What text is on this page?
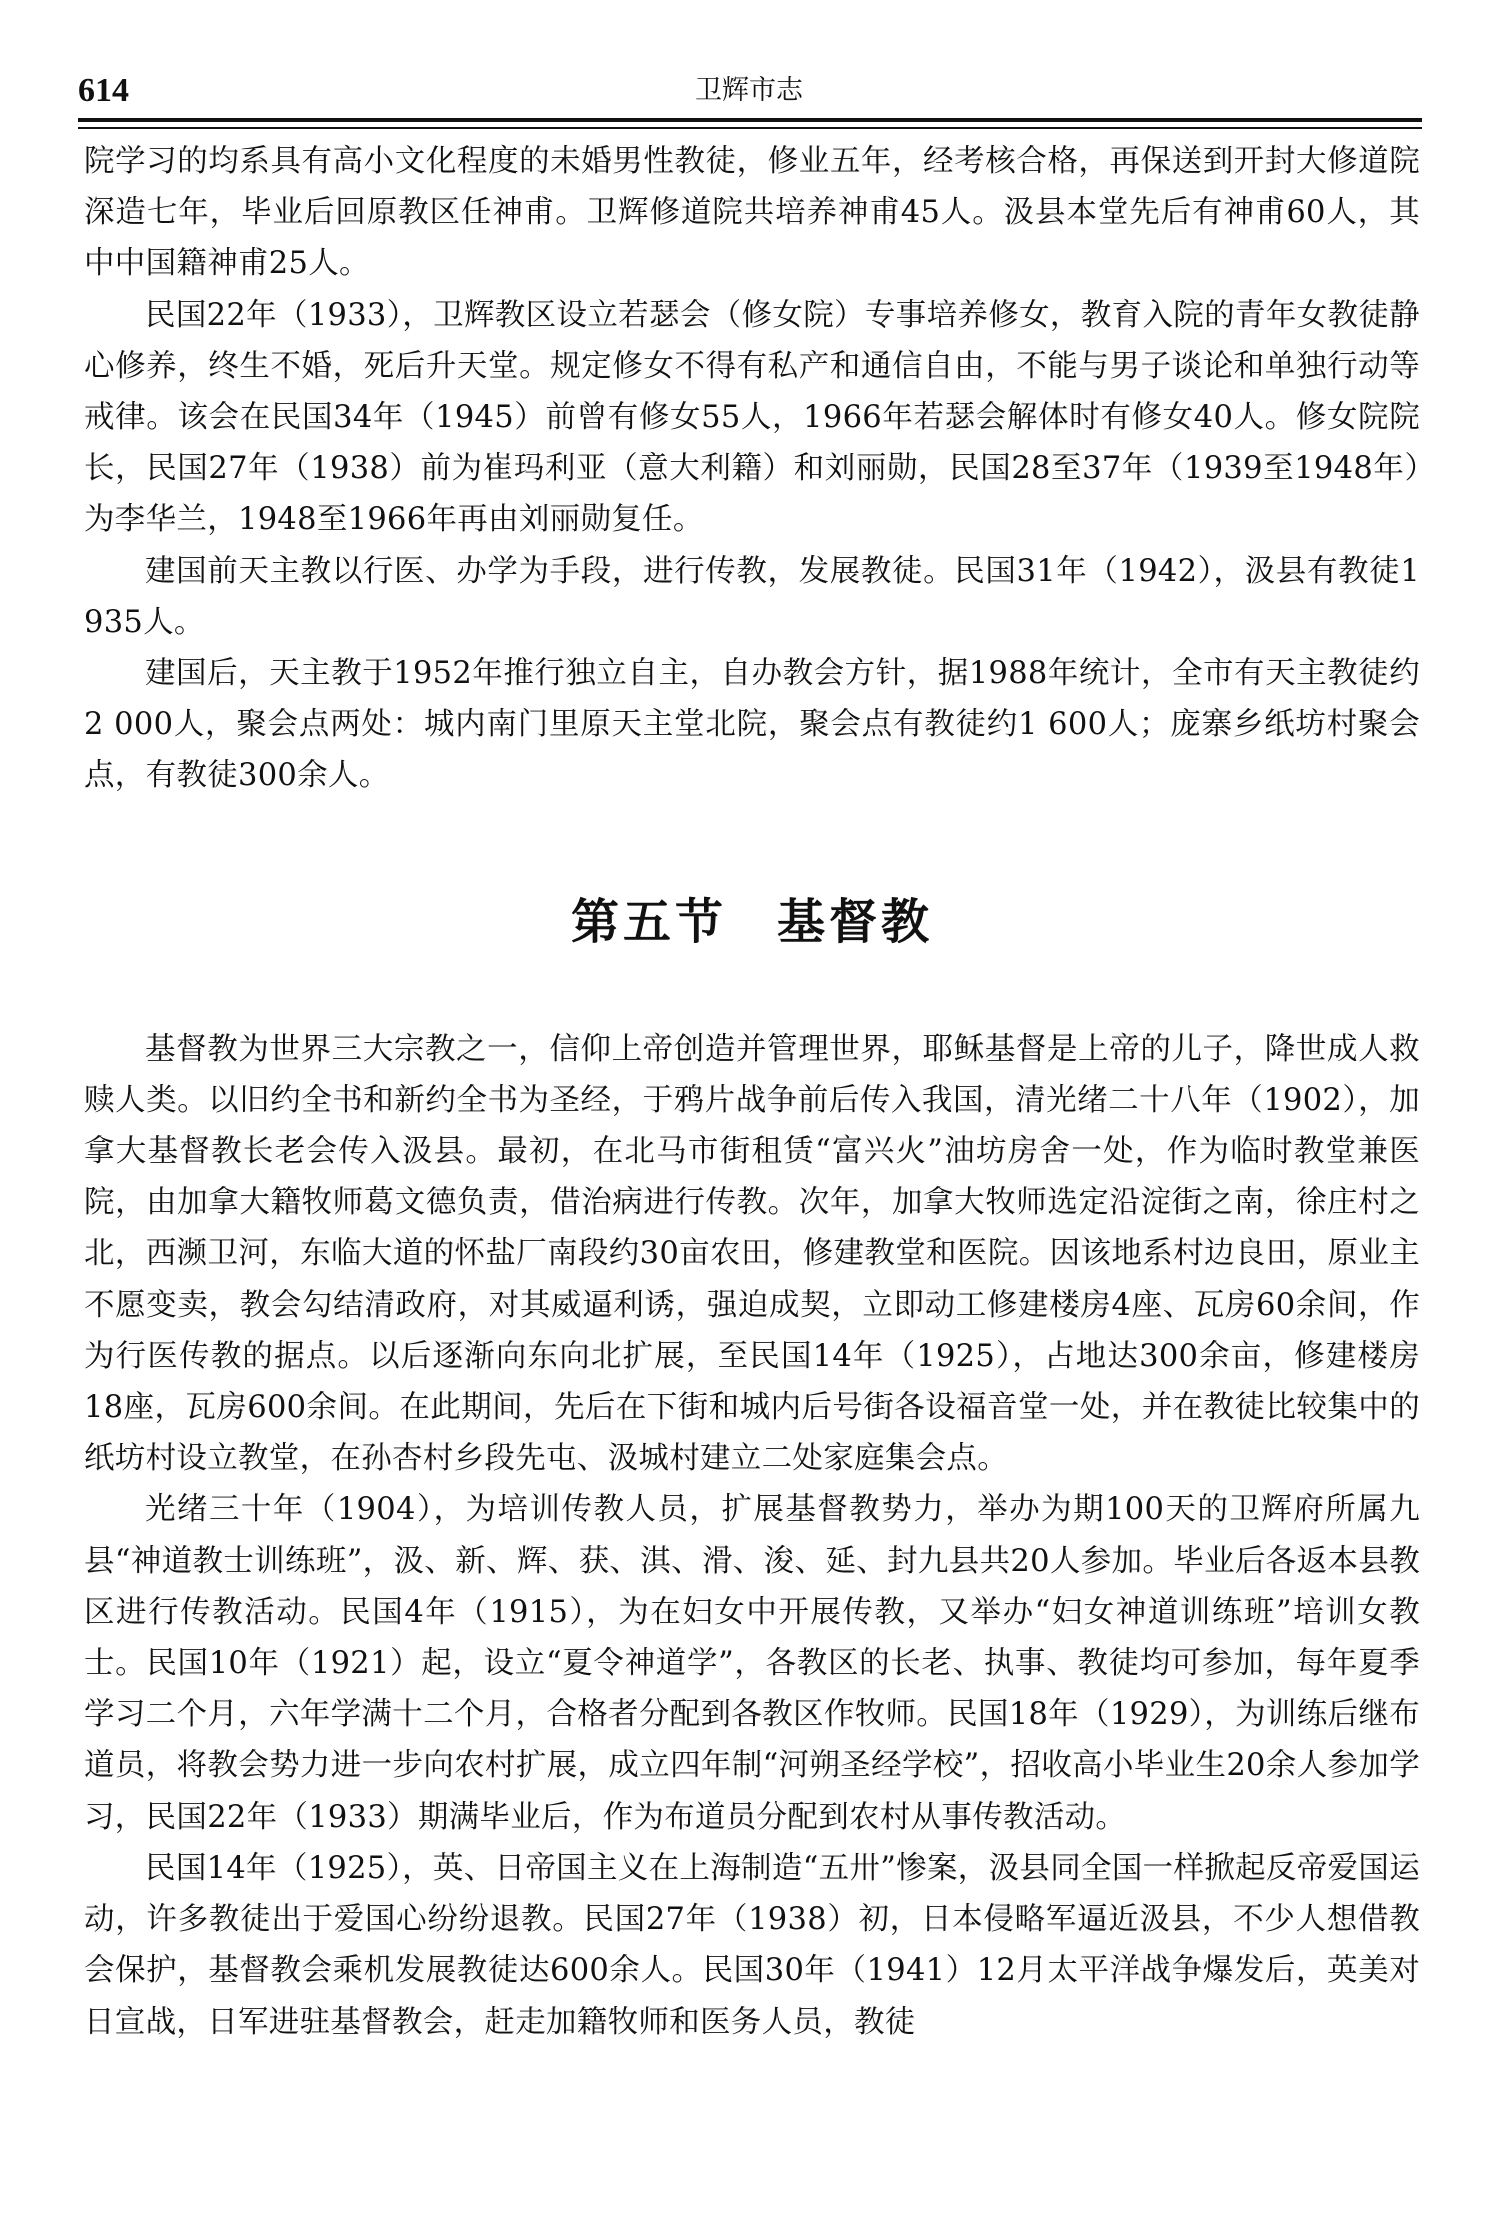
614	卫辉市志

院学习的均系具有高小文化程度的未婚男性教徒，修业五年，经考核合格，再保送到开封大修道院深造七年，毕业后回原教区任神甫。卫辉修道院共培养神甫45人。汲县本堂先后有神甫60人，其中中国籍神甫25人。

民国22年（1933），卫辉教区设立若瑟会（修女院）专事培养修女，教育入院的青年女教徒静心修养，终生不婚，死后升天堂。规定修女不得有私产和通信自由，不能与男子谈论和单独行动等戒律。该会在民国34年（1945）前曾有修女55人，1966年若瑟会解体时有修女40人。修女院院长，民国27年（1938）前为崔玛利亚（意大利籍）和刘丽勋，民国28至37年（1939至1948年）为李华兰，1948至1966年再由刘丽勋复任。

建国前天主教以行医、办学为手段，进行传教，发展教徒。民国31年（1942），汲县有教徒1 935人。

建国后，天主教于1952年推行独立自主，自办教会方针，据1988年统计，全市有天主教徒约2 000人，聚会点两处：城内南门里原天主堂北院，聚会点有教徒约1 600人；庞寨乡纸坊村聚会点，有教徒300余人。

第五节 基督教

基督教为世界三大宗教之一，信仰上帝创造并管理世界，耶稣基督是上帝的儿子，降世成人救赎人类。以旧约全书和新约全书为圣经，于鸦片战争前后传入我国，清光绪二十八年（1902），加拿大基督教长老会传入汲县。最初，在北马市街租赁“富兴火”油坊房舍一处，作为临时教堂兼医院，由加拿大籍牧师葛文德负责，借治病进行传教。次年，加拿大牧师选定沿淀街之南，徐庄村之北，西濒卫河，东临大道的怀盐厂南段约30亩农田，修建教堂和医院。因该地系村边良田，原业主不愿变卖，教会勾结清政府，对其威逼利诱，强迫成契，立即动工修建楼房4座、瓦房60余间，作为行医传教的据点。以后逐渐向东向北扩展，至民国14年（1925），占地达300余亩，修建楼房18座，瓦房600余间。在此期间，先后在下街和城内后号街各设福音堂一处，并在教徒比较集中的纸坊村设立教堂，在孙杏村乡段先屯、汲城村建立二处家庭集会点。

光绪三十年（1904），为培训传教人员，扩展基督教势力，举办为期100天的卫辉府所属九县“神道教士训练班”，汲、新、辉、获、淇、滑、浚、延、封九县共20人参加。毕业后各返本县教区进行传教活动。民国4年（1915），为在妇女中开展传教，又举办“妇女神道训练班”培训女教士。民国10年（1921）起，设立“夏令神道学”，各教区的长老、执事、教徒均可参加，每年夏季学习二个月，六年学满十二个月，合格者分配到各教区作牧师。民国18年（1929），为训练后继布道员，将教会势力进一步向农村扩展，成立四年制“河朔圣经学校”，招收高小毕业生20余人参加学习，民国22年（1933）期满毕业后，作为布道员分配到农村从事传教活动。

民国14年（1925），英、日帝国主义在上海制造“五卅”惨案，汲县同全国一样掀起反帝爱国运动，许多教徒出于爱国心纷纷退教。民国27年（1938）初，日本侵略军逼近汲县，不少人想借教会保护，基督教会乘机发展教徒达600余人。民国30年（1941）12月太平洋战争爆发后，英美对日宣战，日军进驻基督教会，赶走加籍牧师和医务人员，教徒
